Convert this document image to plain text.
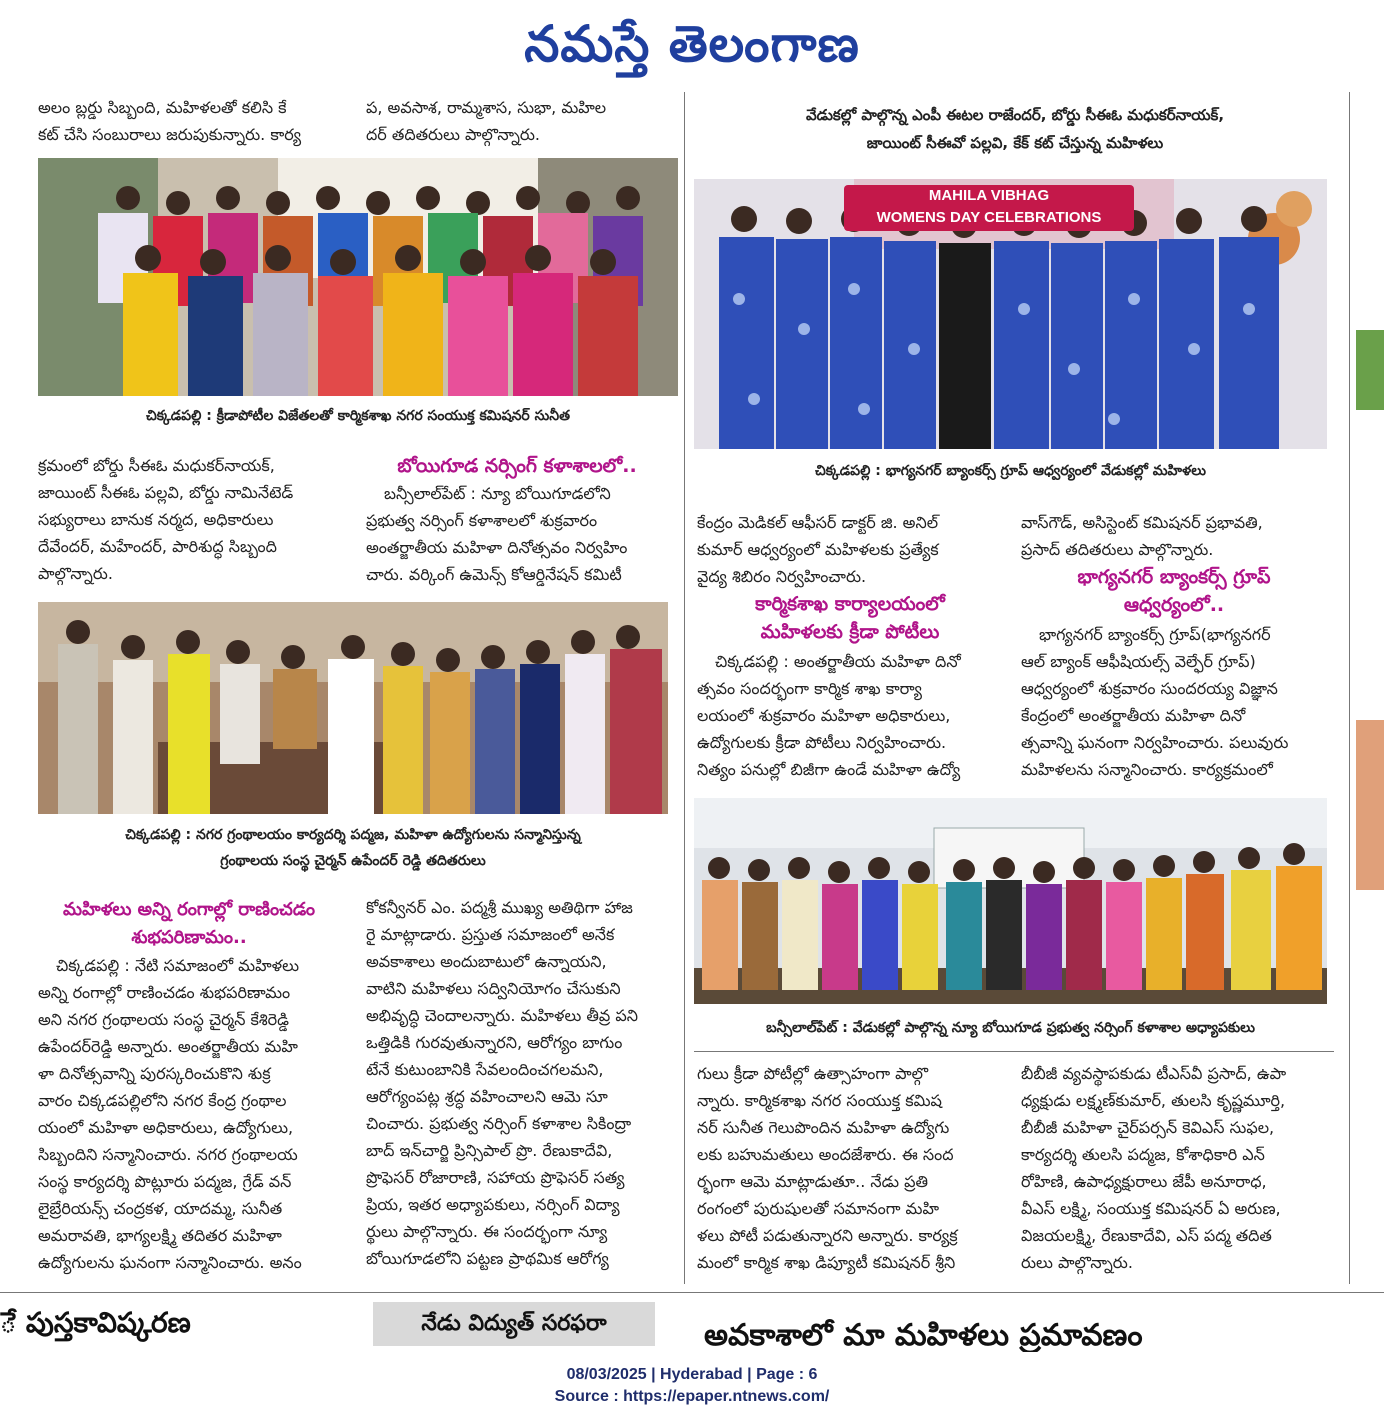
నమస్తే తెలంగాణ

అలం బ్లర్డు సిబ్బంది, మహిళలతో కలిసి కే

కట్ చేసి సంబురాలు జరుపుకున్నారు. కార్య

ప, అవసాశ, రామ్మశాస, సుభా, మహిల

దర్ తదితరులు పాల్గొన్నారు.

వేడుకల్లో పాల్గొన్న ఎంపీ ఈటల రాజేందర్, బోర్డు సీఈఓ మధుకర్‌నాయక్,

జాయింట్ సీఈవో పల్లవి, కేక్ కట్ చేస్తున్న మహిళలు

చిక్కడపల్లి : క్రీడాపోటీల విజేతలతో కార్మికశాఖ నగర సంయుక్త కమిషనర్ సునీత

MAHILA VIBHAG
WOMENS DAY CELEBRATIONS

చిక్కడపల్లి : భాగ్యనగర్ బ్యాంకర్స్ గ్రూప్ ఆధ్వర్యంలో వేడుకల్లో మహిళలు

క్రమంలో బోర్డు సీఈఓ మధుకర్‌నాయక్,

జాయింట్ సీఈఓ పల్లవి, బోర్డు నామినేటెడ్

సభ్యురాలు బానుక నర్మద, అధికారులు

దేవేందర్, మహేందర్, పారిశుద్ధ సిబ్బంది

పాల్గొన్నారు.

బోయిగూడ నర్సింగ్ కళాశాలలో..

బన్సీలాల్‌పేట్ : న్యూ బోయిగూడలోని

ప్రభుత్వ నర్సింగ్ కళాశాలలో శుక్రవారం

అంతర్జాతీయ మహిళా దినోత్సవం నిర్వహిం

చారు. వర్కింగ్ ఉమెన్స్ కోఆర్డినేషన్ కమిటీ

కేంద్రం మెడికల్ ఆఫీసర్ డాక్టర్ జి. అనిల్

కుమార్ ఆధ్వర్యంలో మహిళలకు ప్రత్యేక

వైద్య శిబిరం నిర్వహించారు.

వాస్‌గౌడ్, అసిస్టెంట్ కమిషనర్ ప్రభావతి,

ప్రసాద్ తదితరులు పాల్గొన్నారు.

కార్మికశాఖ కార్యాలయంలో

మహిళలకు క్రీడా పోటీలు

చిక్కడపల్లి : అంతర్జాతీయ మహిళా దినో

త్సవం సందర్భంగా కార్మిక శాఖ కార్యా

లయంలో శుక్రవారం మహిళా అధికారులు,

ఉద్యోగులకు క్రీడా పోటీలు నిర్వహించారు.

నిత్యం పనుల్లో బిజీగా ఉండే మహిళా ఉద్యో

భాగ్యనగర్ బ్యాంకర్స్ గ్రూప్

ఆధ్వర్యంలో..

భాగ్యనగర్ బ్యాంకర్స్ గ్రూప్(భాగ్యనగర్

ఆల్ బ్యాంక్ ఆఫీషియల్స్ వెల్ఫేర్ గ్రూప్)

ఆధ్వర్యంలో శుక్రవారం సుందరయ్య విజ్ఞాన

కేంద్రంలో అంతర్జాతీయ మహిళా దినో

త్సవాన్ని ఘనంగా నిర్వహించారు. పలువురు

మహిళలను సన్మానించారు. కార్యక్రమంలో

చిక్కడపల్లి : నగర గ్రంథాలయం కార్యదర్శి పద్మజ, మహిళా ఉద్యోగులను సన్మానిస్తున్న

గ్రంథాలయ సంస్థ చైర్మన్ ఉపేందర్ రెడ్డి తదితరులు

బన్సీలాల్‌పేట్ : వేడుకల్లో పాల్గొన్న న్యూ బోయిగూడ ప్రభుత్వ నర్సింగ్ కళాశాల అధ్యాపకులు

మహిళలు అన్ని రంగాల్లో రాణించడం

శుభపరిణామం..

చిక్కడపల్లి : నేటి సమాజంలో మహిళలు

అన్ని రంగాల్లో రాణించడం శుభపరిణామం

అని నగర గ్రంథాలయ సంస్థ చైర్మన్ కేశిరెడ్డి

ఉపేందర్‌రెడ్డి అన్నారు. అంతర్జాతీయ మహి

ళా దినోత్సవాన్ని పురస్కరించుకొని శుక్ర

వారం చిక్కడపల్లిలోని నగర కేంద్ర గ్రంథాల

యంలో మహిళా అధికారులు, ఉద్యోగులు,

సిబ్బందిని సన్మానించారు. నగర గ్రంథాలయ

సంస్థ కార్యదర్శి పొట్లూరు పద్మజ, గ్రేడ్ వన్

లైబ్రేరియన్స్ చంద్రకళ, యాదమ్మ, సునీత

అమరావతి, భాగ్యలక్ష్మి తదితర మహిళా

ఉద్యోగులను ఘనంగా సన్మానించారు. అనం

కోకన్వీనర్ ఎం. పద్మశ్రీ ముఖ్య అతిథిగా హాజ

రై మాట్లాడారు. ప్రస్తుత సమాజంలో అనేక

అవకాశాలు అందుబాటులో ఉన్నాయని,

వాటిని మహిళలు సద్వినియోగం చేసుకుని

అభివృద్ధి చెందాలన్నారు. మహిళలు తీవ్ర పని

ఒత్తిడికి గురవుతున్నారని, ఆరోగ్యం బాగుం

టేనే కుటుంబానికి సేవలందించగలమని,

ఆరోగ్యంపట్ల శ్రద్ధ వహించాలని ఆమె సూ

చించారు. ప్రభుత్వ నర్సింగ్ కళాశాల సికింద్రా

బాద్ ఇన్‌చార్జి ప్రిన్సిపాల్ ప్రొ. రేణుకాదేవి,

ప్రొఫెసర్ రోజారాణి, సహాయ ప్రొఫెసర్ సత్య

ప్రియ, ఇతర అధ్యాపకులు, నర్సింగ్ విద్యా

ర్థులు పాల్గొన్నారు. ఈ సందర్భంగా న్యూ

బోయిగూడలోని పట్టణ ప్రాథమిక ఆరోగ్య

గులు క్రీడా పోటీల్లో ఉత్సాహంగా పాల్గొ

న్నారు. కార్మికశాఖ నగర సంయుక్త కమిష

నర్ సునీత గెలుపొందిన మహిళా ఉద్యోగు

లకు బహుమతులు అందజేశారు. ఈ సంద

ర్భంగా ఆమె మాట్లాడుతూ.. నేడు ప్రతి

రంగంలో పురుషులతో సమానంగా మహి

ళలు పోటీ పడుతున్నారని అన్నారు. కార్యక్ర

మంలో కార్మిక శాఖ డిప్యూటీ కమిషనర్ శ్రీని

బీబీజీ వ్యవస్థాపకుడు టీఎస్‌వీ ప్రసాద్, ఉపా

ధ్యక్షుడు లక్ష్మణ్‌కుమార్, తులసి కృష్ణమూర్తి,

బీబీజీ మహిళా చైర్‌పర్సన్ కెవిఎస్ సుఫల,

కార్యదర్శి తులసి పద్మజ, కోశాధికారి ఎన్

రోహిణి, ఉపాధ్యక్షురాలు జేపీ అనూరాధ,

వీఎస్ లక్ష్మి, సంయుక్త కమిషనర్ ఏ అరుణ,

విజయలక్ష్మి, రేణుకాదేవి, ఎస్ పద్మ తదిత

రులు పాల్గొన్నారు.

ే పుస్తకావిష్కరణ	నేడు విద్యుత్ సరఫరా	అవకాశాలో మా మహిళలు ప్రమావణం
08/03/2025 | Hyderabad | Page : 6
Source : https://epaper.ntnews.com/
